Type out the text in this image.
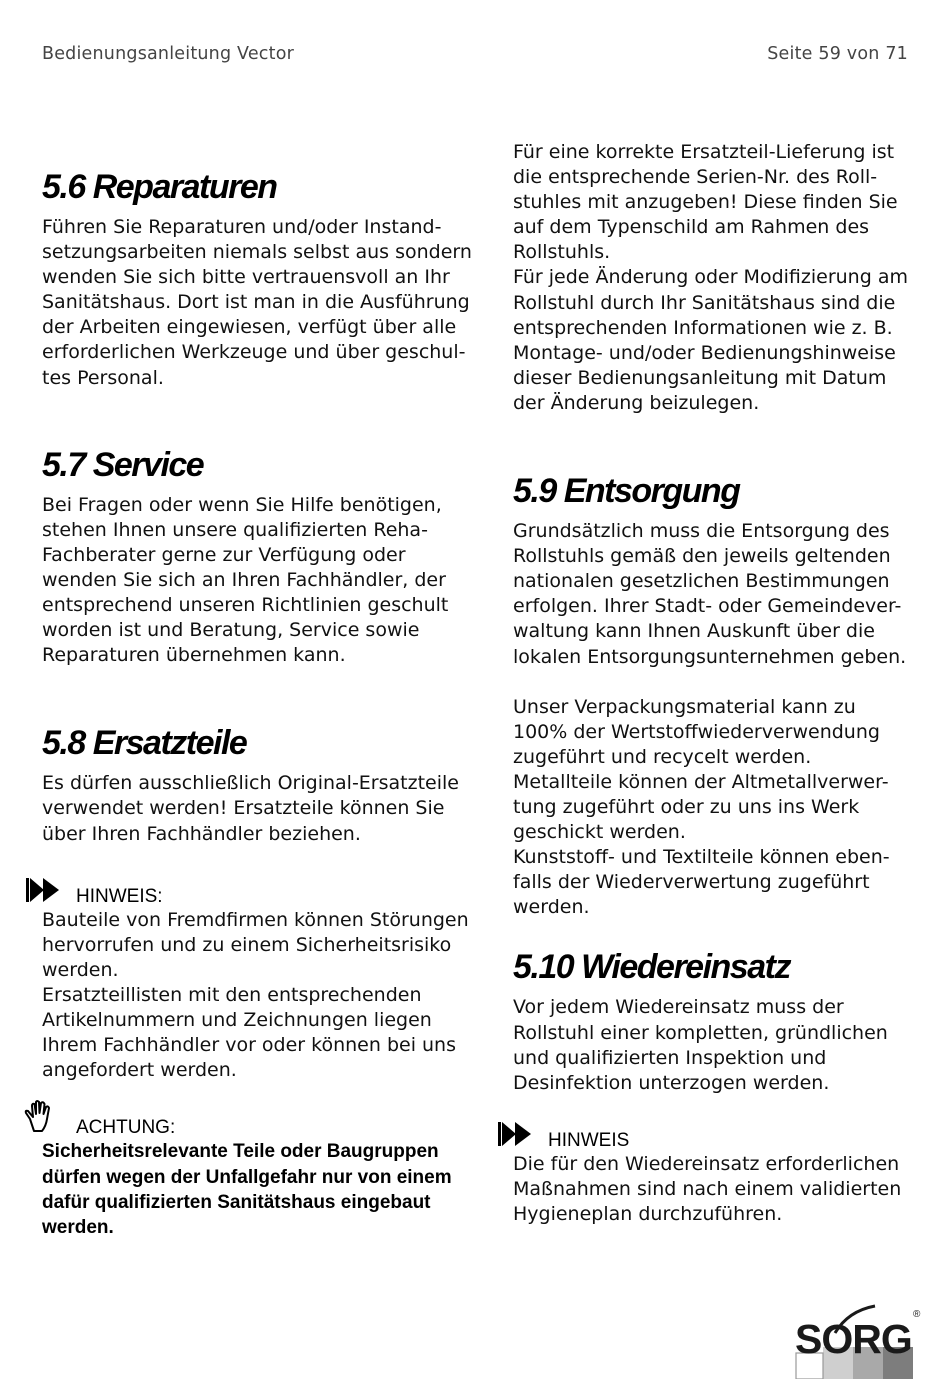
Bedienungsanleitung Vector	Seite 59 von 71
5.6 Reparaturen

Führen Sie Reparaturen und/oder Instand-
setzungsarbeiten niemals selbst aus sondern
wenden Sie sich bitte vertrauensvoll an Ihr
Sanitätshaus. Dort ist man in die Ausführung
der Arbeiten eingewiesen, verfügt über alle
erforderlichen Werkzeuge und über geschul-
tes Personal.

5.7 Service

Bei Fragen oder wenn Sie Hilfe benötigen,
stehen Ihnen unsere qualifizierten Reha-
Fachberater gerne zur Verfügung oder
wenden Sie sich an Ihren Fachhändler, der
entsprechend unseren Richtlinien geschult
worden ist und Beratung, Service sowie
Reparaturen übernehmen kann.

5.8 Ersatzteile

Es dürfen ausschließlich Original-Ersatzteile
verwendet werden! Ersatzteile können Sie
über Ihren Fachhändler beziehen.

HINWEIS:

Bauteile von Fremdfirmen können Störungen
hervorrufen und zu einem Sicherheitsrisiko
werden.
Ersatzteillisten mit den entsprechenden
Artikelnummern und Zeichnungen liegen
Ihrem Fachhändler vor oder können bei uns
angefordert werden.

ACHTUNG:

Sicherheitsrelevante Teile oder Baugruppen
dürfen wegen der Unfallgefahr nur von einem
dafür qualifizierten Sanitätshaus eingebaut
werden.

Für eine korrekte Ersatzteil-Lieferung ist
die entsprechende Serien-Nr. des Roll-
stuhles mit anzugeben! Diese finden Sie
auf dem Typenschild am Rahmen des
Rollstuhls.
Für jede Änderung oder Modifizierung am
Rollstuhl durch Ihr Sanitätshaus sind die
entsprechenden Informationen wie z. B.
Montage- und/oder Bedienungshinweise
dieser Bedienungsanleitung mit Datum
der Änderung beizulegen.

5.9 Entsorgung

Grundsätzlich muss die Entsorgung des
Rollstuhls gemäß den jeweils geltenden
nationalen gesetzlichen Bestimmungen
erfolgen. Ihrer Stadt- oder Gemeindever-
waltung kann Ihnen Auskunft über die
lokalen Entsorgungsunternehmen geben.

Unser Verpackungsmaterial kann zu
100% der Wertstoffwiederverwendung
zugeführt und recycelt werden.
Metallteile können der Altmetallverwer-
tung zugeführt oder zu uns ins Werk
geschickt werden.
Kunststoff- und Textilteile können eben-
falls der Wiederverwertung zugeführt
werden.

5.10 Wiedereinsatz

Vor jedem Wiedereinsatz muss der
Rollstuhl einer kompletten, gründlichen
und qualifizierten Inspektion und
Desinfektion unterzogen werden.

HINWEIS

Die für den Wiedereinsatz erforderlichen
Maßnahmen sind nach einem validierten
Hygieneplan durchzuführen.

SORG
®
